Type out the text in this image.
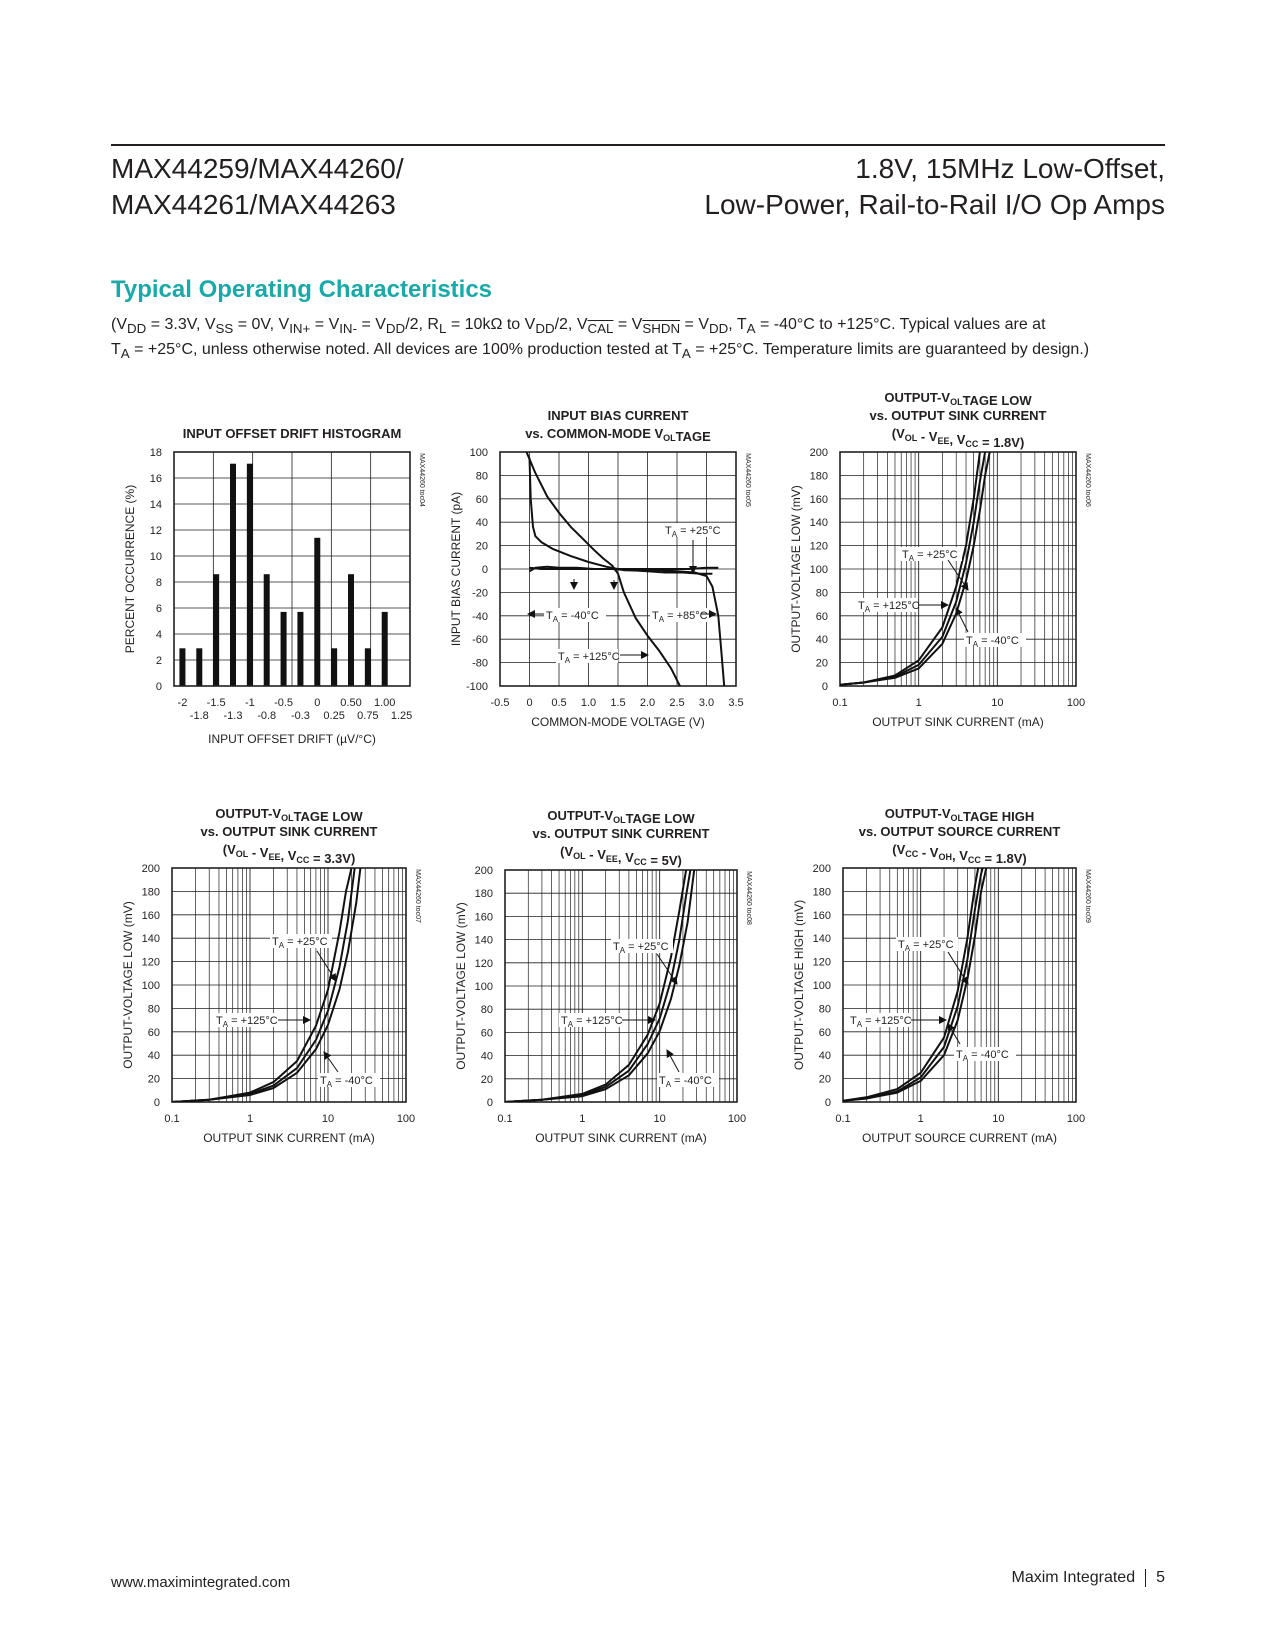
MAX44259/MAX44260/
MAX44261/MAX44263
1.8V, 15MHz Low-Offset,
Low-Power, Rail-to-Rail I/O Op Amps
Typical Operating Characteristics
($V_{DD} = 3.3V$, $V_{SS} = 0V$, $V_{IN+} = V_{IN-} = V_{DD}/2$, $R_L = 10k\Omega$ to $V_{DD}/2$, $V_{\overline{CAL}} = V_{SHDN} = V_{DD}$, $T_A = -40^\circ C$ to +125°C. Typical values are at
$T_A = +25^\circ C$, unless otherwise noted. All devices are 100% production tested at $T_A = +25^\circ C$. Temperature limits are guaranteed by design.)
INPUT OFFSET DRIFT HISTOGRAM
0
2
4
6
8
10
12
14
16
18
-2 -1.5 -1 -0.5 0 0.50 1.00
-1.8 -1.3 -0.8 -0.3 0.25 0.75 1.25
INPUT OFFSET DRIFT (µV/°C)
PERCENT OCCURRENCE (%)
MAX44260 toc04
INPUT BIAS CURRENT
vs. COMMON-MODE $V_{OL}TAGE$
-100
-80
-60
-40
-20
0
20
40
60
80
100
-0.5 0 0.5 1.0 1.5 2.0 2.5 3.0 3.5
COMMON-MODE VOLTAGE (V)
INPUT BIAS CURRENT (pA)
MAX44260 toc05
$T_A = +25^\circ C$
$T_A = -40^\circ C$	$T_A = +85^\circ C$
$T_A = +125^\circ C$
OUTPUT-$V_{OL}TAGE$ LOW
vs. OUTPUT SINK CURRENT
($V_{OL} - V_{EE}$, $V_{CC} = 1.8V$)
0
20
40
60
80
100
120
140
160
180
200
0.1	1	10	100
OUTPUT SINK CURRENT (mA)
OUTPUT-VOLTAGE LOW (mV)
MAX44260 toc06
$T_A = +25^\circ C$
$T_A = +125^\circ C$
$T_A = -40^\circ C$
OUTPUT-$V_{OL}TAGE$ LOW
vs. OUTPUT SINK CURRENT
($V_{OL} - V_{EE}$, $V_{CC} = 3.3V$)
0
20
40
60
80
100
120
140
160
180
200
0.1	1	10	100
OUTPUT SINK CURRENT (mA)
OUTPUT-VOLTAGE LOW (mV)
MAX44260 toc07
$T_A = +25^\circ C$
$T_A = +125^\circ C$
$T_A = -40^\circ C$
OUTPUT-$V_{OL}TAGE$ LOW
vs. OUTPUT SINK CURRENT
($V_{OL} - V_{EE}$, $V_{CC} = 5V$)
0
20
40
60
80
100
120
140
160
180
200
0.1	1	10	100
OUTPUT SINK CURRENT (mA)
OUTPUT-VOLTAGE LOW (mV)
MAX44260 toc08
$T_A = +25^\circ C$
$T_A = +125^\circ C$
$T_A = -40^\circ C$
OUTPUT-$V_{OL}TAGE$ HIGH
vs. OUTPUT SOURCE CURRENT
($V_{CC} - V_{OH}$, $V_{CC} = 1.8V$)
0
20
40
60
80
100
120
140
160
180
200
0.1	1	10	100
OUTPUT SOURCE CURRENT (mA)
OUTPUT-VOLTAGE HIGH (mV)
MAX44260 toc09
$T_A = +25^\circ C$
$T_A = +125^\circ C$
$T_A = -40^\circ C$
www.maximintegrated.com	Maxim Integrated 5
